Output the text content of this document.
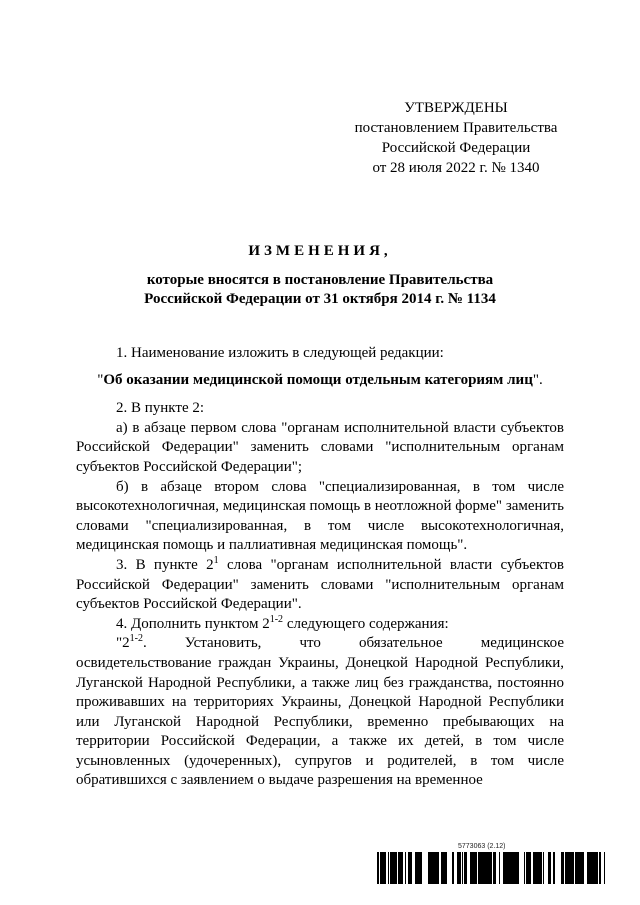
УТВЕРЖДЕНЫ
постановлением Правительства
Российской Федерации
от 28 июля 2022 г. № 1340
ИЗМЕНЕНИЯ,
которые вносятся в постановление Правительства
Российской Федерации от 31 октября 2014 г. № 1134

1. Наименование изложить в следующей редакции:

"Об оказании медицинской помощи отдельным категориям лиц".

2. В пункте 2:

а) в абзаце первом слова "органам исполнительной власти субъектов Российской Федерации" заменить словами "исполнительным органам субъектов Российской Федерации";

б) в абзаце втором слова "специализированная, в том числе высокотехнологичная, медицинская помощь в неотложной форме" заменить словами "специализированная, в том числе высокотехнологичная, медицинская помощь и паллиативная медицинская помощь".

3. В пункте $2^1$ слова "органам исполнительной власти субъектов Российской Федерации" заменить словами "исполнительным органам субъектов Российской Федерации".

4. Дополнить пунктом 2$^{1-2}$ следующего содержания:

"2$^{1-2}$. Установить, что обязательное медицинское освидетельствование граждан Украины, Донецкой Народной Республики, Луганской Народной Республики, а также лиц без гражданства, постоянно проживавших на территориях Украины, Донецкой Народной Республики или Луганской Народной Республики, временно пребывающих на территории Российской Федерации, а также их детей, в том числе усыновленных (удочеренных), супругов и родителей, в том числе обратившихся с заявлением о выдаче разрешения на временное

5773063 (2.12)
